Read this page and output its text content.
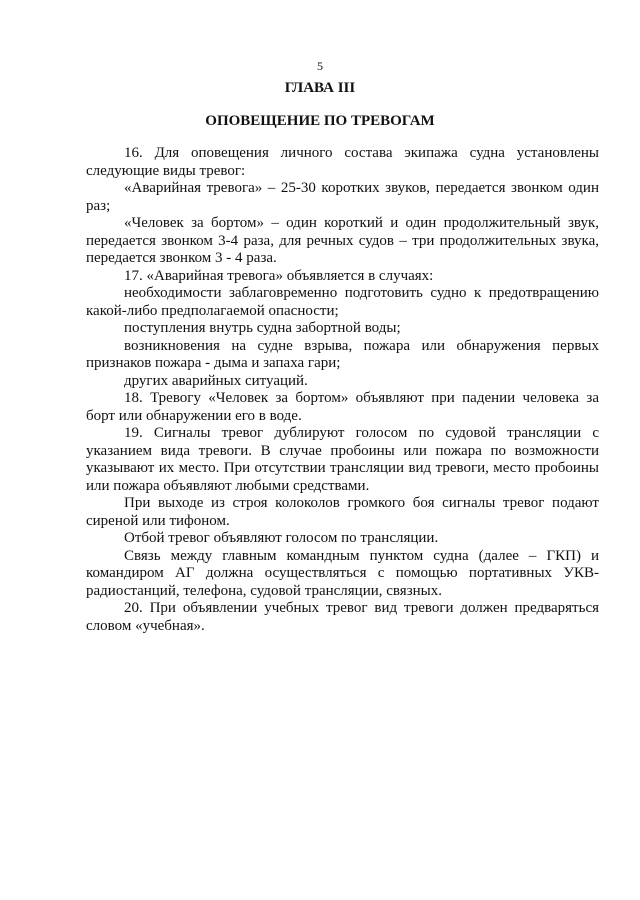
5
ГЛАВА III
ОПОВЕЩЕНИЕ ПО ТРЕВОГАМ

16. Для оповещения личного состава экипажа судна установлены следующие виды тревог:

«Аварийная тревога» – 25-30 коротких звуков, передается звонком один раз;

«Человек за бортом» – один короткий и один продолжительный звук, передается звонком 3-4 раза, для речных судов – три продолжительных звука, передается звонком 3 - 4 раза.

17. «Аварийная тревога» объявляется в случаях:

необходимости заблаговременно подготовить судно к предотвращению какой-либо предполагаемой опасности;

поступления внутрь судна забортной воды;

возникновения на судне взрыва, пожара или обнаружения первых признаков пожара - дыма и запаха гари;

других аварийных ситуаций.

18. Тревогу «Человек за бортом» объявляют при падении человека за борт или обнаружении его в воде.

19. Сигналы тревог дублируют голосом по судовой трансляции с указанием вида тревоги. В случае пробоины или пожара по возможности указывают их место. При отсутствии трансляции вид тревоги, место пробоины или пожара объявляют любыми средствами.

При выходе из строя колоколов громкого боя сигналы тревог подают сиреной или тифоном.

Отбой тревог объявляют голосом по трансляции.

Связь между главным командным пунктом судна (далее – ГКП) и командиром АГ должна осуществляться с помощью портативных УКВ-радиостанций, телефона, судовой трансляции, связных.

20. При объявлении учебных тревог вид тревоги должен предваряться словом «учебная».
